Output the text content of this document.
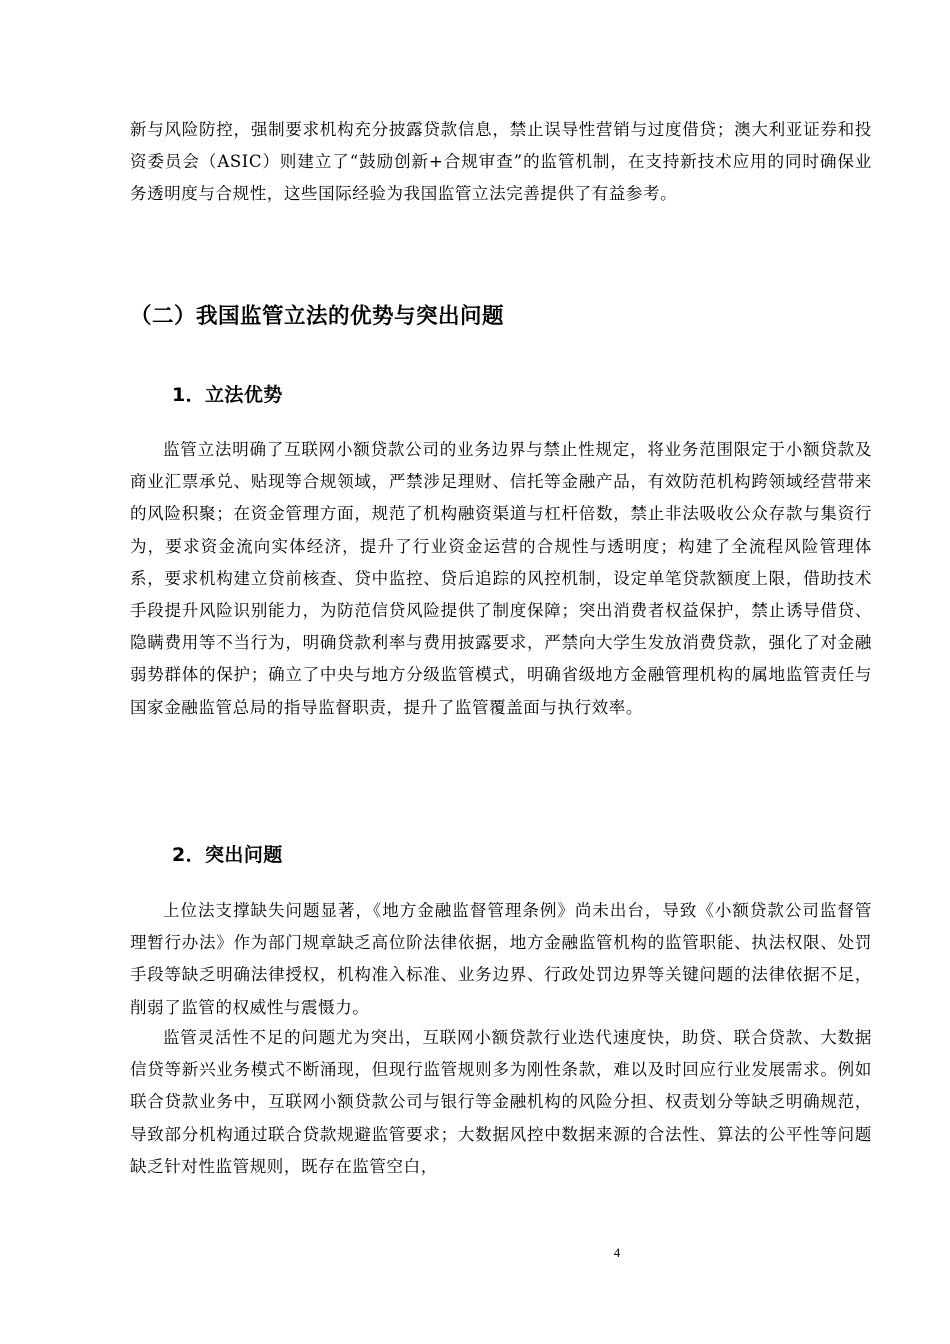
新与风险防控，强制要求机构充分披露贷款信息，禁止误导性营销与过度借贷；澳大利亚证券和投资委员会（ASIC）则建立了“鼓励创新+合规审查”的监管机制，在支持新技术应用的同时确保业务透明度与合规性，这些国际经验为我国监管立法完善提供了有益参考。

（二）我国监管立法的优势与突出问题
1．立法优势

监管立法明确了互联网小额贷款公司的业务边界与禁止性规定，将业务范围限定于小额贷款及商业汇票承兑、贴现等合规领域，严禁涉足理财、信托等金融产品，有效防范机构跨领域经营带来的风险积聚；在资金管理方面，规范了机构融资渠道与杠杆倍数，禁止非法吸收公众存款与集资行为，要求资金流向实体经济，提升了行业资金运营的合规性与透明度；构建了全流程风险管理体系，要求机构建立贷前核查、贷中监控、贷后追踪的风控机制，设定单笔贷款额度上限，借助技术手段提升风险识别能力，为防范信贷风险提供了制度保障；突出消费者权益保护，禁止诱导借贷、隐瞒费用等不当行为，明确贷款利率与费用披露要求，严禁向大学生发放消费贷款，强化了对金融弱势群体的保护；确立了中央与地方分级监管模式，明确省级地方金融管理机构的属地监管责任与国家金融监管总局的指导监督职责，提升了监管覆盖面与执行效率。

2．突出问题

上位法支撑缺失问题显著，《地方金融监督管理条例》尚未出台，导致《小额贷款公司监督管理暂行办法》作为部门规章缺乏高位阶法律依据，地方金融监管机构的监管职能、执法权限、处罚手段等缺乏明确法律授权，机构准入标准、业务边界、行政处罚边界等关键问题的法律依据不足，削弱了监管的权威性与震慑力。

监管灵活性不足的问题尤为突出，互联网小额贷款行业迭代速度快，助贷、联合贷款、大数据信贷等新兴业务模式不断涌现，但现行监管规则多为刚性条款，难以及时回应行业发展需求。例如联合贷款业务中，互联网小额贷款公司与银行等金融机构的风险分担、权责划分等缺乏明确规范，导致部分机构通过联合贷款规避监管要求；大数据风控中数据来源的合法性、算法的公平性等问题缺乏针对性监管规则，既存在监管空白，

4
